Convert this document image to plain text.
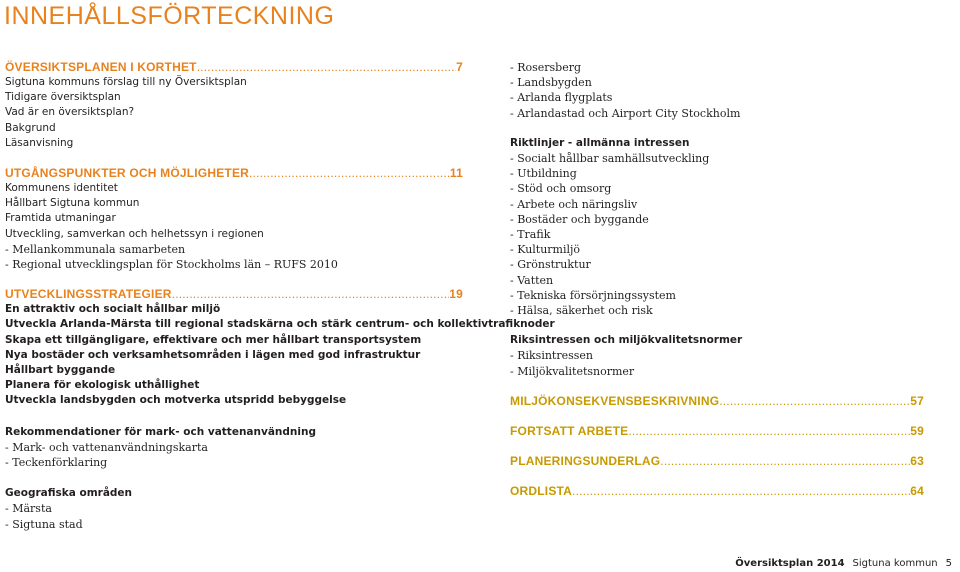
INNEHÅLLSFÖRTECKNING
ÖVERSIKTSPLANEN I KORTHET .....	7
Sigtuna kommuns förslag till ny Översiktsplan
Tidigare översiktsplan
Vad är en översiktsplan?
Bakgrund
Läsanvisning
UTGÅNGSPUNKTER OCH MÖJLIGHETER .....	11
Kommunens identitet
Hållbart Sigtuna kommun
Framtida utmaningar
Utveckling, samverkan och helhetssyn i regionen
- Mellankommunala samarbeten
- Regional utvecklingsplan för Stockholms län – RUFS 2010
UTVECKLINGSSTRATEGIER .....	19
En attraktiv och socialt hållbar miljö
Utveckla Arlanda-Märsta till regional stadskärna och stärk centrum- och kollektivtrafiknoder
Skapa ett tillgängligare, effektivare och mer hållbart transportsystem
Nya bostäder och verksamhetsområden i lägen med god infrastruktur
Hållbart byggande
Planera för ekologisk uthållighet
Utveckla landsbygden och motverka utspridd bebyggelse
Rekommendationer för mark- och vattenanvändning
- Mark- och vattenanvändningskarta
- Teckenförklaring
Geografiska områden
- Märsta
- Sigtuna stad
- Rosersberg
- Landsbygden
- Arlanda flygplats
- Arlandastad och Airport City Stockholm
Riktlinjer - allmänna intressen
- Socialt hållbar samhällsutveckling
- Utbildning
- Stöd och omsorg
- Arbete och näringsliv
- Bostäder och byggande
- Trafik
- Kulturmiljö
- Grönstruktur
- Vatten
- Tekniska försörjningssystem
- Hälsa, säkerhet och risk
Riksintressen och miljökvalitetsnormer
- Riksintressen
- Miljökvalitetsnormer
MILJÖKONSEKVENSBESKRIVNING .....	57
FORTSATT ARBETE .....	59
PLANERINGSUNDERLAG .....	63
ORDLISTA .....	64
Översiktsplan 2014 Sigtuna kommun 5
